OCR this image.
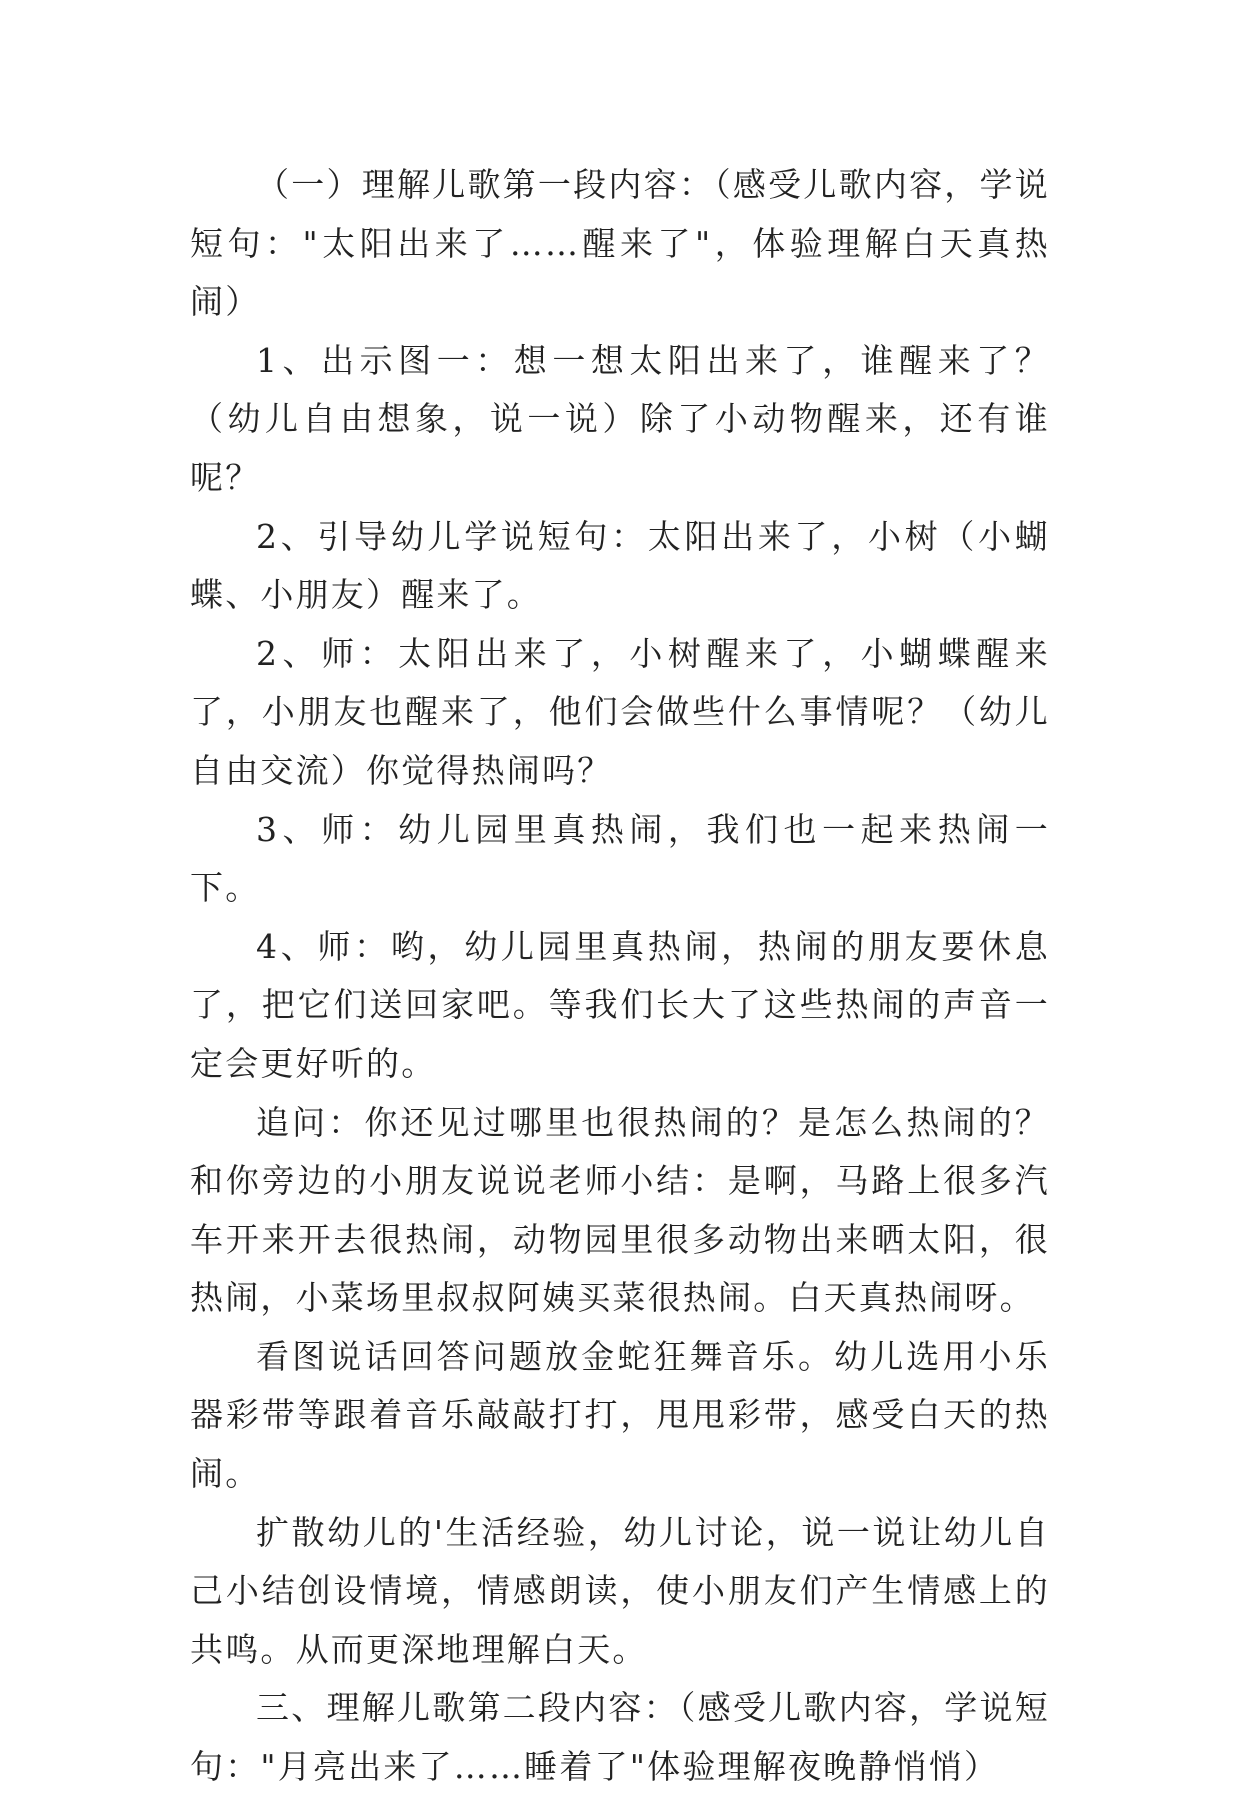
（一）理解儿歌第一段内容：（感受儿歌内容，学说短句："太阳出来了……醒来了"，体验理解白天真热闹）

1、出示图一：想一想太阳出来了，谁醒来了？（幼儿自由想象，说一说）除了小动物醒来，还有谁呢？

2、引导幼儿学说短句：太阳出来了，小树（小蝴蝶、小朋友）醒来了。

2、师：太阳出来了，小树醒来了，小蝴蝶醒来了，小朋友也醒来了，他们会做些什么事情呢？（幼儿自由交流）你觉得热闹吗？

3、师：幼儿园里真热闹，我们也一起来热闹一下。

4、师：哟，幼儿园里真热闹，热闹的朋友要休息了，把它们送回家吧。等我们长大了这些热闹的声音一定会更好听的。

追问：你还见过哪里也很热闹的？是怎么热闹的？和你旁边的小朋友说说老师小结：是啊，马路上很多汽车开来开去很热闹，动物园里很多动物出来晒太阳，很热闹，小菜场里叔叔阿姨买菜很热闹。白天真热闹呀。

看图说话回答问题放金蛇狂舞音乐。幼儿选用小乐器彩带等跟着音乐敲敲打打，甩甩彩带，感受白天的热闹。

扩散幼儿的'生活经验，幼儿讨论，说一说让幼儿自己小结创设情境，情感朗读，使小朋友们产生情感上的共鸣。从而更深地理解白天。

三、理解儿歌第二段内容：（感受儿歌内容，学说短句："月亮出来了……睡着了"体验理解夜晚静悄悄）
